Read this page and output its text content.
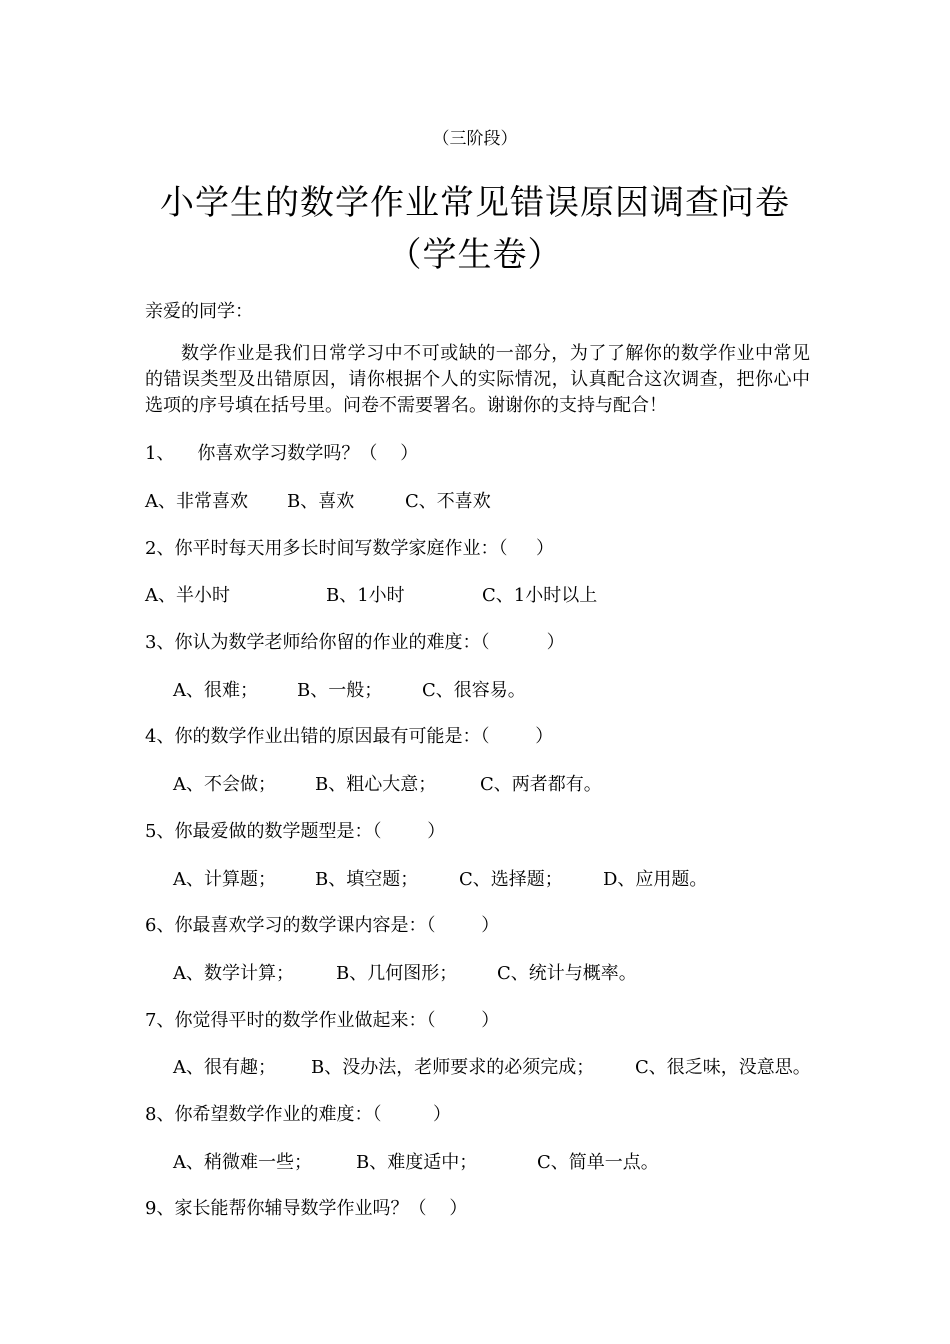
（三阶段）
小学生的数学作业常见错误原因调查问卷
（学生卷）
亲爱的同学：
数学作业是我们日常学习中不可或缺的一部分，为了了解你的数学作业中常见的错误类型及出错原因，请你根据个人的实际情况，认真配合这次调查，把你心中选项的序号填在括号里。问卷不需要署名。谢谢你的支持与配合！
1、    你喜欢学习数学吗？（    ）
A、非常喜欢 B、喜欢	C、不喜欢
2、你平时每天用多长时间写数学家庭作业：（     ）
A、半小时	B、1小时	C、1小时以上
3、你认为数学老师给你留的作业的难度：（          ）
A、很难； B、一般； C、很容易。
4、你的数学作业出错的原因最有可能是：（        ）
A、不会做； B、粗心大意； C、两者都有。
5、你最爱做的数学题型是：（        ）
A、计算题； B、填空题； C、选择题； D、应用题。
6、你最喜欢学习的数学课内容是：（        ）
A、数学计算； B、几何图形； C、统计与概率。
7、你觉得平时的数学作业做起来：（        ）
A、很有趣； B、没办法，老师要求的必须完成； C、很乏味，没意思。
8、你希望数学作业的难度：（         ）
A、稍微难一些； B、难度适中；	C、简单一点。
9、家长能帮你辅导数学作业吗？（    ）
